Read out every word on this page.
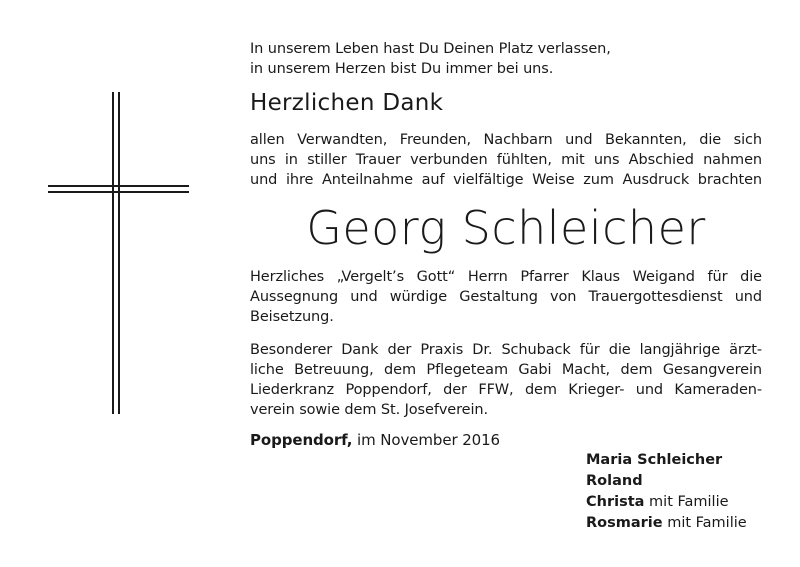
In unserem Leben hast Du Deinen Platz verlassen,
in unserem Herzen bist Du immer bei uns.
Herzlichen Dank
allen Verwandten, Freunden, Nachbarn und Bekannten, die sich
uns in stiller Trauer verbunden fühlten, mit uns Abschied nahmen
und ihre Anteilnahme auf vielfältige Weise zum Ausdruck brachten
Georg Schleicher
Herzliches „Vergelt’s Gott“ Herrn Pfarrer Klaus Weigand für die
Aussegnung und würdige Gestaltung von Trauergottesdienst und
Beisetzung.
Besonderer Dank der Praxis Dr. Schuback für die langjährige ärzt-
liche Betreuung, dem Pflegeteam Gabi Macht, dem Gesangverein
Liederkranz Poppendorf, der FFW, dem Krieger- und Kameraden-
verein sowie dem St. Josefverein.
Poppendorf, im November 2016
Maria Schleicher
Roland
Christa mit Familie
Rosmarie mit Familie
